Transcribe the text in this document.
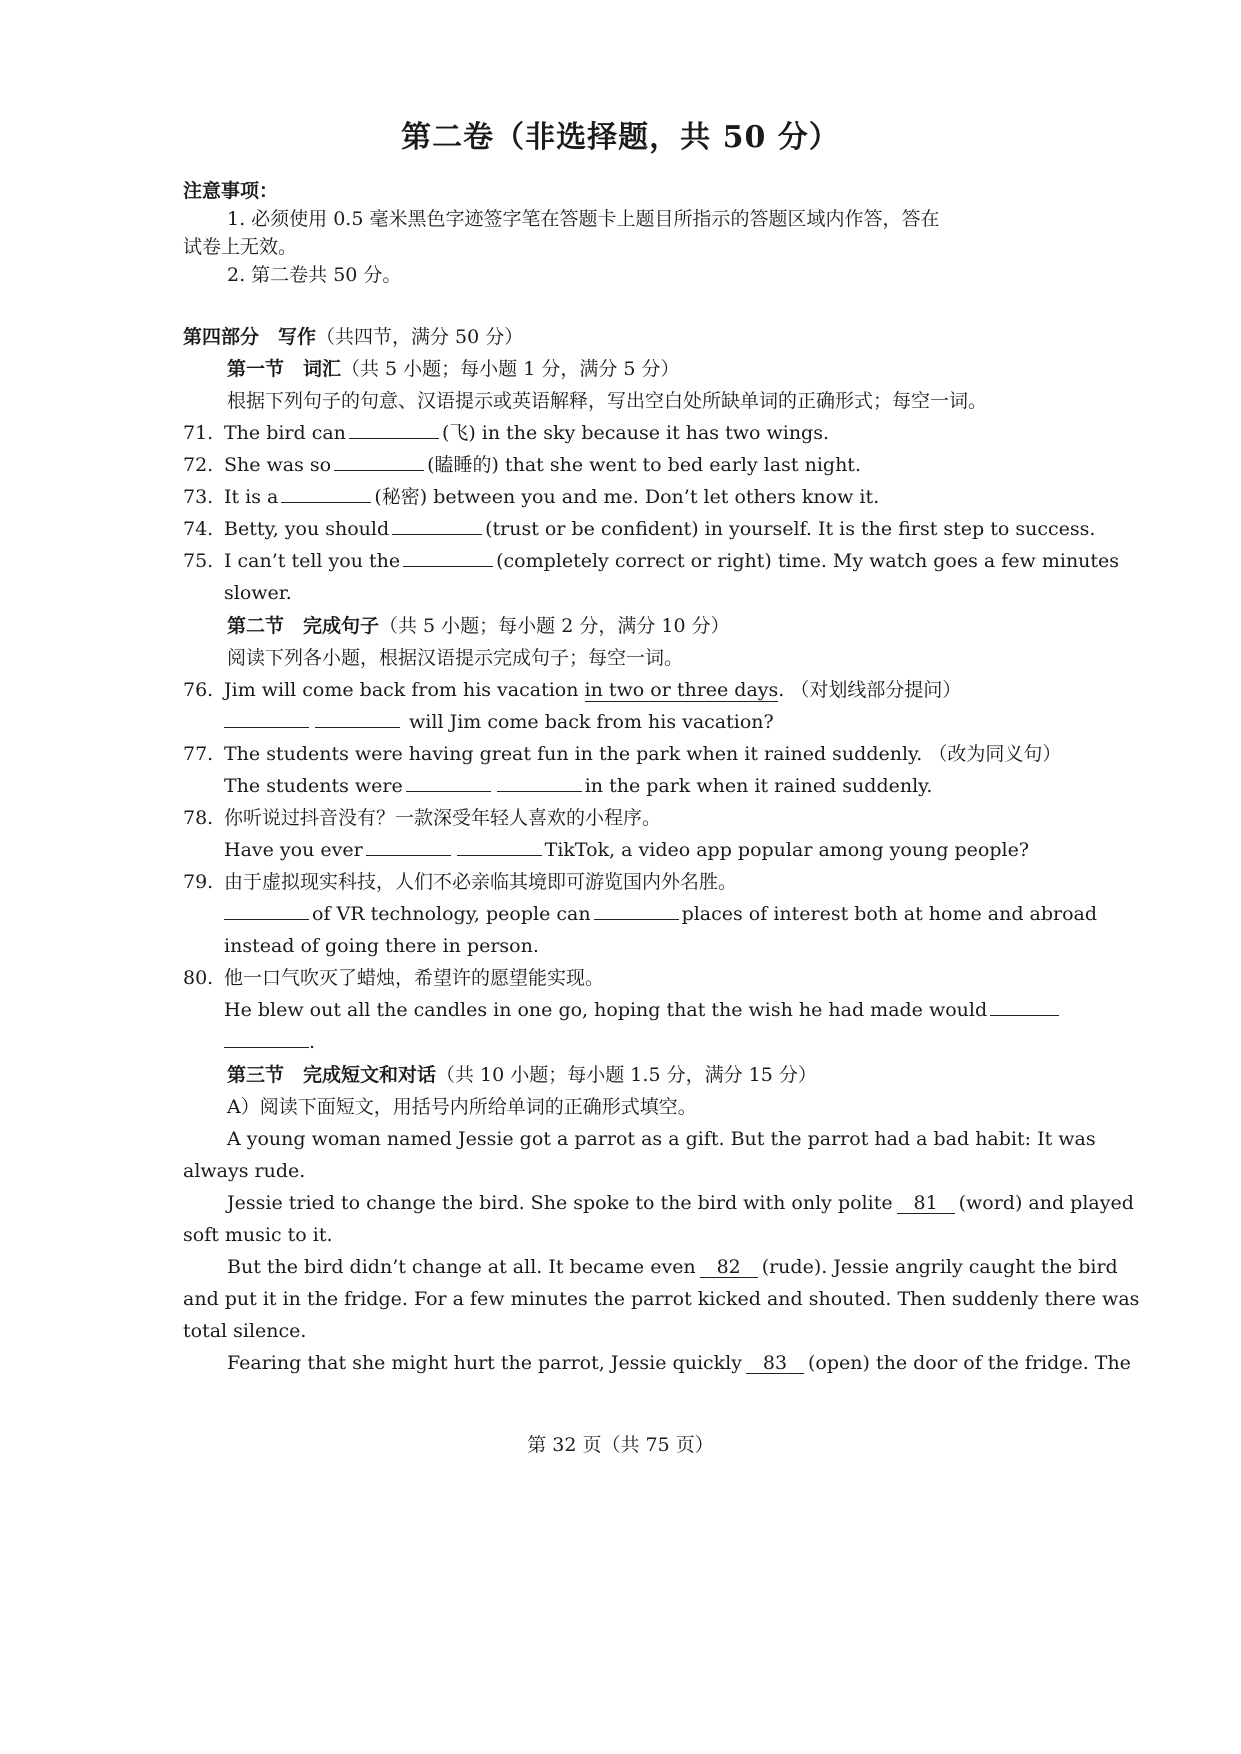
第二卷（非选择题，共 50 分）
注意事项：
1. 必须使用 0.5 毫米黑色字迹签字笔在答题卡上题目所指示的答题区域内作答，答在
试卷上无效。
2. 第二卷共 50 分。
第四部分　写作（共四节，满分 50 分）
第一节　词汇（共 5 小题；每小题 1 分，满分 5 分）
根据下列句子的句意、汉语提示或英语解释，写出空白处所缺单词的正确形式；每空一词。
71. The bird can	(飞) in the sky because it has two wings.
72. She was so	(瞌睡的) that she went to bed early last night.
73. It is a	(秘密) between you and me. Don’t let others know it.
74. Betty, you should	(trust or be confident) in yourself. It is the first step to success.
75. I can’t tell you the	(completely correct or right) time. My watch goes a few minutes
slower.
第二节　完成句子（共 5 小题；每小题 2 分，满分 10 分）
阅读下列各小题，根据汉语提示完成句子；每空一词。
76. Jim will come back from his vacation in two or three days. （对划线部分提问）
will Jim come back from his vacation?
77. The students were having great fun in the park when it rained suddenly. （改为同义句）
The students were	in the park when it rained suddenly.
78. 你听说过抖音没有？一款深受年轻人喜欢的小程序。
Have you ever	TikTok, a video app popular among young people?
79. 由于虚拟现实科技，人们不必亲临其境即可游览国内外名胜。
of VR technology, people can	places of interest both at home and abroad
instead of going there in person.
80. 他一口气吹灭了蜡烛，希望许的愿望能实现。
He blew out all the candles in one go, hoping that the wish he had made would
.
第三节　完成短文和对话（共 10 小题；每小题 1.5 分，满分 15 分）
A）阅读下面短文，用括号内所给单词的正确形式填空。
A young woman named Jessie got a parrot as a gift. But the parrot had a bad habit: It was
always rude.
Jessie tried to change the bird. She spoke to the bird with only polite	81 (word) and played
soft music to it.
But the bird didn’t change at all. It became even	82 (rude). Jessie angrily caught the bird
and put it in the fridge. For a few minutes the parrot kicked and shouted. Then suddenly there was
total silence.
Fearing that she might hurt the parrot, Jessie quickly	83 (open) the door of the fridge. The
第 32 页（共 75 页）
